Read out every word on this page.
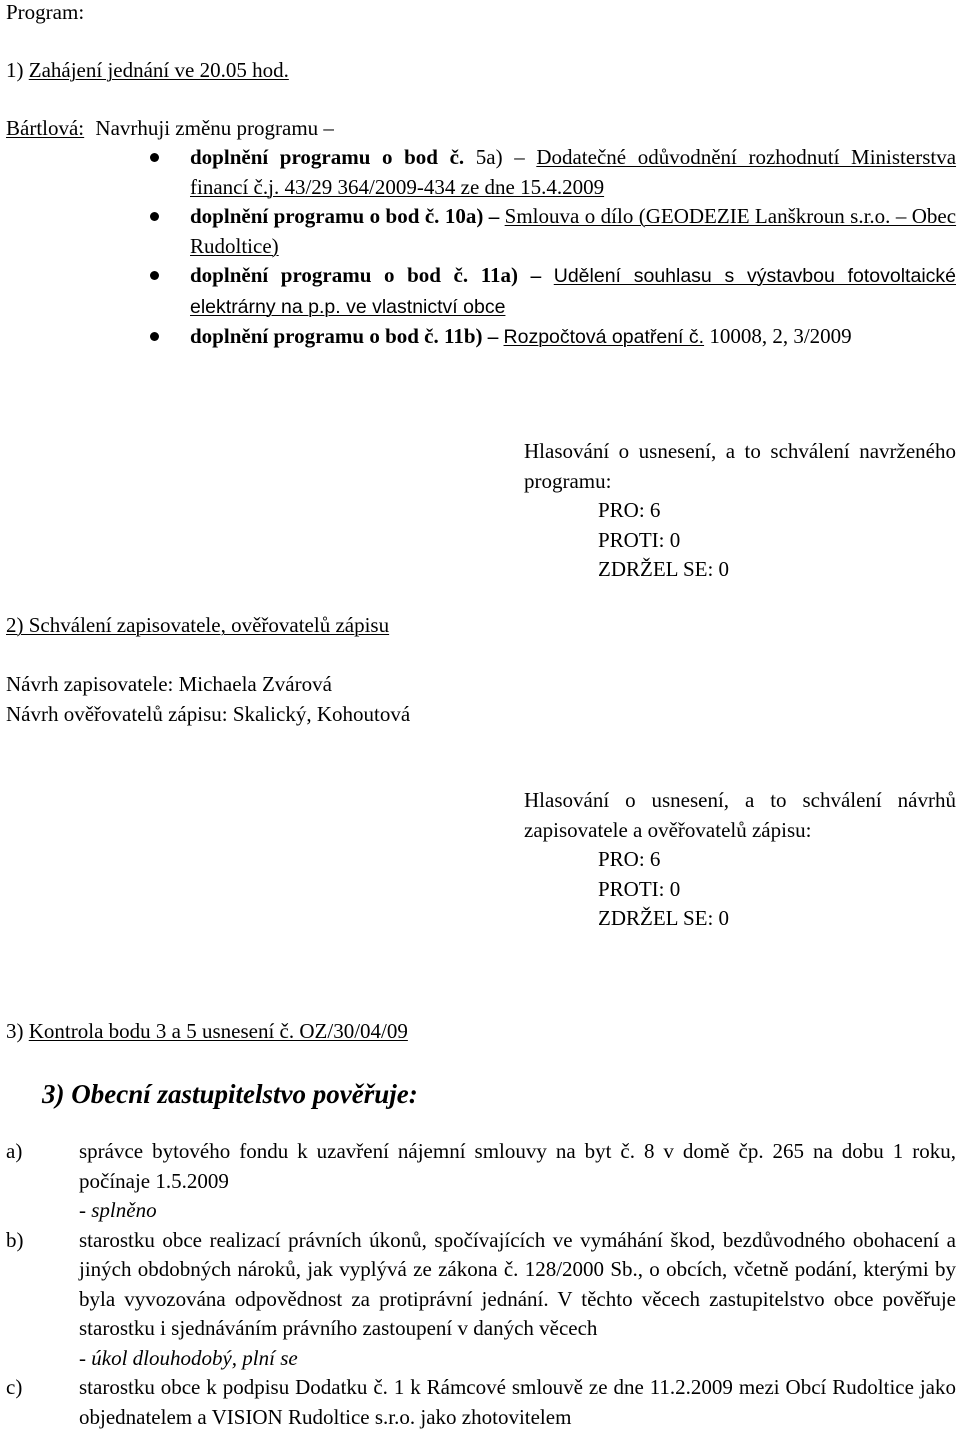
Program:
1) Zahájení jednání ve 20.05 hod.
Bártlová: Navrhuji změnu programu –
doplnění programu o bod č. 5a) – Dodatečné odůvodnění rozhodnutí Ministerstva financí č.j. 43/29 364/2009-434 ze dne 15.4.2009
doplnění programu o bod č. 10a) – Smlouva o dílo (GEODEZIE Lanškroun s.r.o. – Obec Rudoltice)
doplnění programu o bod č. 11a) – Udělení souhlasu s výstavbou fotovoltaické elektrárny na p.p. ve vlastnictví obce
doplnění programu o bod č. 11b) – Rozpočtová opatření č. 10008, 2, 3/2009
Hlasování o usnesení, a to schválení navrženého programu:
PRO: 6
PROTI: 0
ZDRŽEL SE: 0
2) Schválení zapisovatele, ověřovatelů zápisu
Návrh zapisovatele: Michaela Zvárová
Návrh ověřovatelů zápisu: Skalický, Kohoutová
Hlasování o usnesení, a to schválení návrhů zapisovatele a ověřovatelů zápisu:
PRO: 6
PROTI: 0
ZDRŽEL SE: 0
3) Kontrola bodu 3 a 5 usnesení č. OZ/30/04/09
3) Obecní zastupitelstvo pověřuje:
a)	správce bytového fondu k uzavření nájemní smlouvy na byt č. 8 v domě čp. 265 na dobu 1 roku, počínaje 1.5.2009
- splněno
b)	starostku obce realizací právních úkonů, spočívajících ve vymáhání škod, bezdůvodného obohacení a jiných obdobných nároků, jak vyplývá ze zákona č. 128/2000 Sb., o obcích, včetně podání, kterými by byla vyvozována odpovědnost za protiprávní jednání. V těchto věcech zastupitelstvo obce pověřuje starostku i sjednáváním právního zastoupení v daných věcech
- úkol dlouhodobý, plní se
c)	starostku obce k podpisu Dodatku č. 1 k Rámcové smlouvě ze dne 11.2.2009 mezi Obcí Rudoltice jako objednatelem a VISION Rudoltice s.r.o. jako zhotovitelem
